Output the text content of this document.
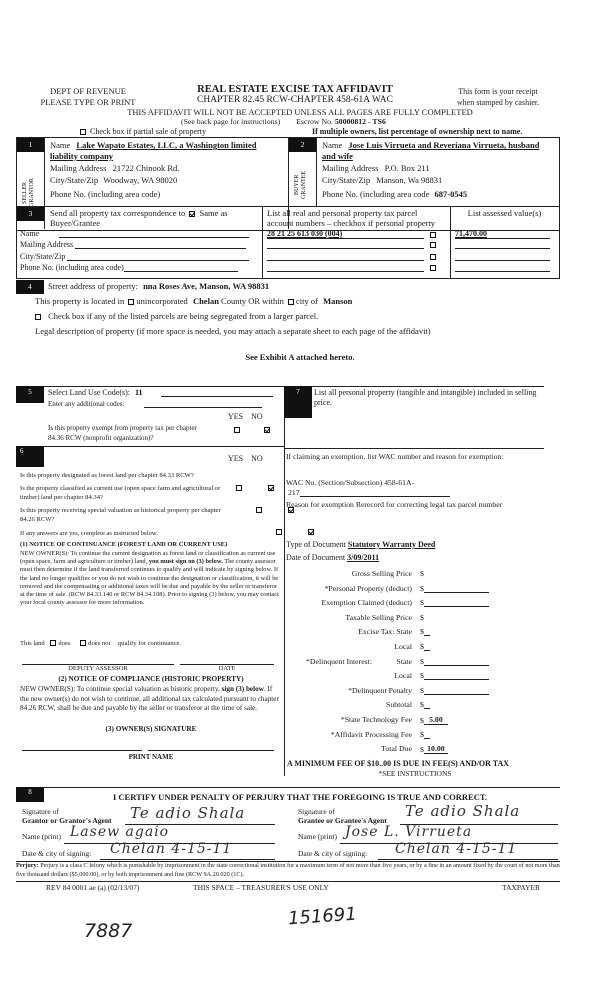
DEPT OF REVENUE
PLEASE TYPE OR PRINT
REAL ESTATE EXCISE TAX AFFIDAVIT
CHAPTER 82.45 RCW-CHAPTER 458-61A WAC
This form is your receipt
when stamped by cashier.
THIS AFFIDAVIT WILL NOT BE ACCEPTED UNLESS ALL PAGES ARE FULLY COMPLETED
(See back page for instructions) Escrow No. 50000812 - TS6
Check box if partial sale of property	If multiple owners, list percentage of ownership next to name.
1
SELLER GRANTOR
Name Lake Wapato Estates, LLC, a Washington limited
liability company
Mailing Address 21722 Chinook Rd.
City/State/Zip Woodway, WA 98020
Phone No. (including area code)
2
BUYER GRANTEE
Name Jose Luis Virrueta and Reveriana Virrueta, husband
and wife
Mailing Address P.O. Box 211
City/State/Zip Manson, Wa 98831
Phone No. (including area code 687-0545
3	Send all property tax correspondence to Same as
Buyer/Grantee
Name
Mailing Address
City/State/Zip
Phone No. (including area code)
List all real and personal property tax parcel
account numbers – checkbox if personal property
List assessed value(s)
28 21 25 613 030 (004)	71,470.00
4	Street address of property: nna Roses Ave, Manson, WA 98831
This property is located in unincorporated Chelan County OR within city of Manson
Check box if any of the listed parcels are being segregated from a larger parcel.
Legal description of property (if more space is needed, you may attach a separate sheet to each page of the affidavit)
See Exhibit A attached hereto.
5	Select Land Use Code(s): 11
Enter any additional codes:
YES NO
Is this property exempt from property tax per chapter
84.36 RCW (nonprofit organization)?

7	List all personal property (tangible and intangible) included in selling price.
6
YES NO
Is this property designated as forest land per chapter 84.33 RCW?
Is the property classified as current use (open space farm and agricultural or timber) land per chapter 84.34?
Is this property receiving special valuation as historical property per chapter 84.26 RCW?
If any answers are yes, complete as instructed below.
(1) NOTICE OF CONTINUANCE (FOREST LAND OR CURRENT USE)
NEW OWNER(S): To continue the current designation as forest land or classification as current use (open space, farm and agriculture or timber) land, you must sign on (3) below. The county assessor must then determine if the land transferred continues to qualify and will indicate by signing below. If the land no longer qualifies or you do not wish to continue the designation or classification, it will be removed and the compensating or additional taxes will be due and payable by the seller or transferor at the time of sale. (RCW 84.33.140 or RCW 84.34.108). Prior to signing (3) below, you may contact your local county assessor for more information.
This land does	does not qualify for continuance.
DEPUTY ASSESSOR	DATE
(2) NOTICE OF COMPLIANCE (HISTORIC PROPERTY)
NEW OWNER(S): To continue special valuation as historic property, sign (3) below. If the new owner(s) do not wish to continue, all additional tax calculated pursuant to chapter 84.26 RCW, shall be due and payable by the seller or transferor at the time of sale.
(3) OWNER(S) SIGNATURE
PRINT NAME
If claiming an exemption, list WAC number and reason for exemption:
WAC No. (Section/Subsection) 458-61A-
217
Reason for exemption Rerecord for correcting legal tax parcel number
Type of Document Statutory Warranty Deed
Date of Document 3/09/2011
Gross Selling Price $
*Personal Property (deduct) $
Exemption Claimed (deduct) $
Taxable Selling Price $
Excise Tax: State $
Local $
State
*Delinquent Interest:	$
Local $
*Delinquent Penalty $
Subtotal $
*State Technology Fee $ 5.00
*Affidavit Processing Fee $
Total Due $ 10.00
A MINIMUM FEE OF $10..00 IS DUE IN FEE(S) AND/OR TAX
*SEE INSTRUCTIONS
8	I CERTIFY UNDER PENALTY OF PERJURY THAT THE FOREGOING IS TRUE AND CORRECT.
Signature of
Grantor or Grantor's Agent Te adio Shala
Name (print) Lasew agaio
Date & city of signing: Chelan 4-15-11
Signature of
Grantee or Grantee's Agent
Te adio Shala
Name (print) Jose L. Virrueta
Date & city of signing: Chelan 4-15-11
Perjury: Perjury is a class C felony which is punishable by imprisonment in the state correctional institution for a maximum term of not more than five years, or by a fine in an amount fixed by the court of not more than five thousand dollars ($5,000.00), or by both imprisonment and fine (RCW 9A.20.020 (1C).
REV 84 0001 ae (a) (02/13/07)	THIS SPACE – TREASURER'S USE ONLY	TAXPAYER
7887
151691
